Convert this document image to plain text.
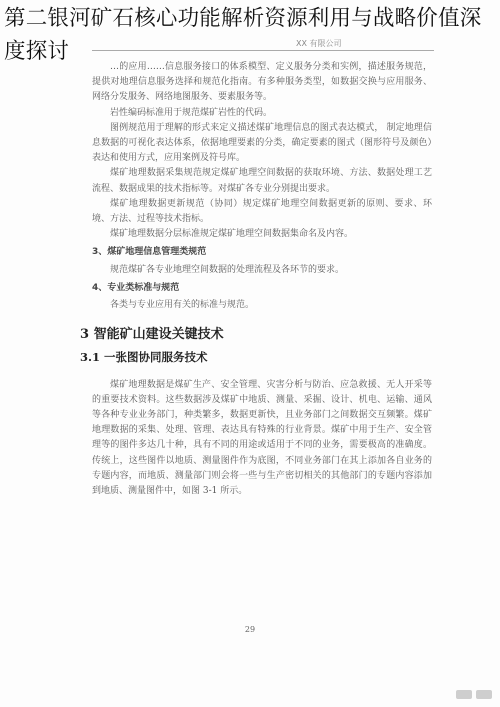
第二银河矿石核心功能解析资源利用与战略价值深度探讨	XX 有限公司

…的应用……信息服务接口的体系模型、定义服务分类和实例，描述服务规范，提供对地理信息服务选择和规范化指南。有多种服务类型，如数据交换与应用服务、网络分发服务、网络地图服务、要素服务等。

岩性编码标准用于规范煤矿岩性的代码。

图例规范用于理解的形式来定义描述煤矿地理信息的图式表达模式， 制定地理信息数据的可视化表达体系，依据地理要素的分类，确定要素的图式（图形符号及颜色）表达和使用方式，应用案例及符号库。

煤矿地理数据采集规范规定煤矿地理空间数据的获取环境、方法、数据处理工艺流程、数据成果的技术指标等。对煤矿各专业分别提出要求。

煤矿地理数据更新规范（协同）规定煤矿地理空间数据更新的原则、要求、环境、方法、过程等技术指标。

煤矿地理数据分层标准规定煤矿地理空间数据集命名及内容。

3、煤矿地理信息管理类规范

规范煤矿各专业地理空间数据的处理流程及各环节的要求。

4、专业类标准与规范

各类与专业应用有关的标准与规范。

3 智能矿山建设关键技术
3.1 一张图协同服务技术

煤矿地理数据是煤矿生产、安全管理、灾害分析与防治、应急救援、无人开采等的重要技术资料。这些数据涉及煤矿中地质、测量、采掘、设计、机电、运输、通风等各种专业业务部门，种类繁多，数据更新快，且业务部门之间数据交互频繁。煤矿地理数据的采集、处理、管理、表达具有特殊的行业背景。煤矿中用于生产、安全管理等的图件多达几十种，具有不同的用途或适用于不同的业务，需要极高的准确度。传统上，这些图件以地质、测量图件作为底图，不同业务部门在其上添加各自业务的专题内容，而地质、测量部门则会将一些与生产密切相关的其他部门的专题内容添加到地质、测量图件中，如图 3-1 所示。

29
